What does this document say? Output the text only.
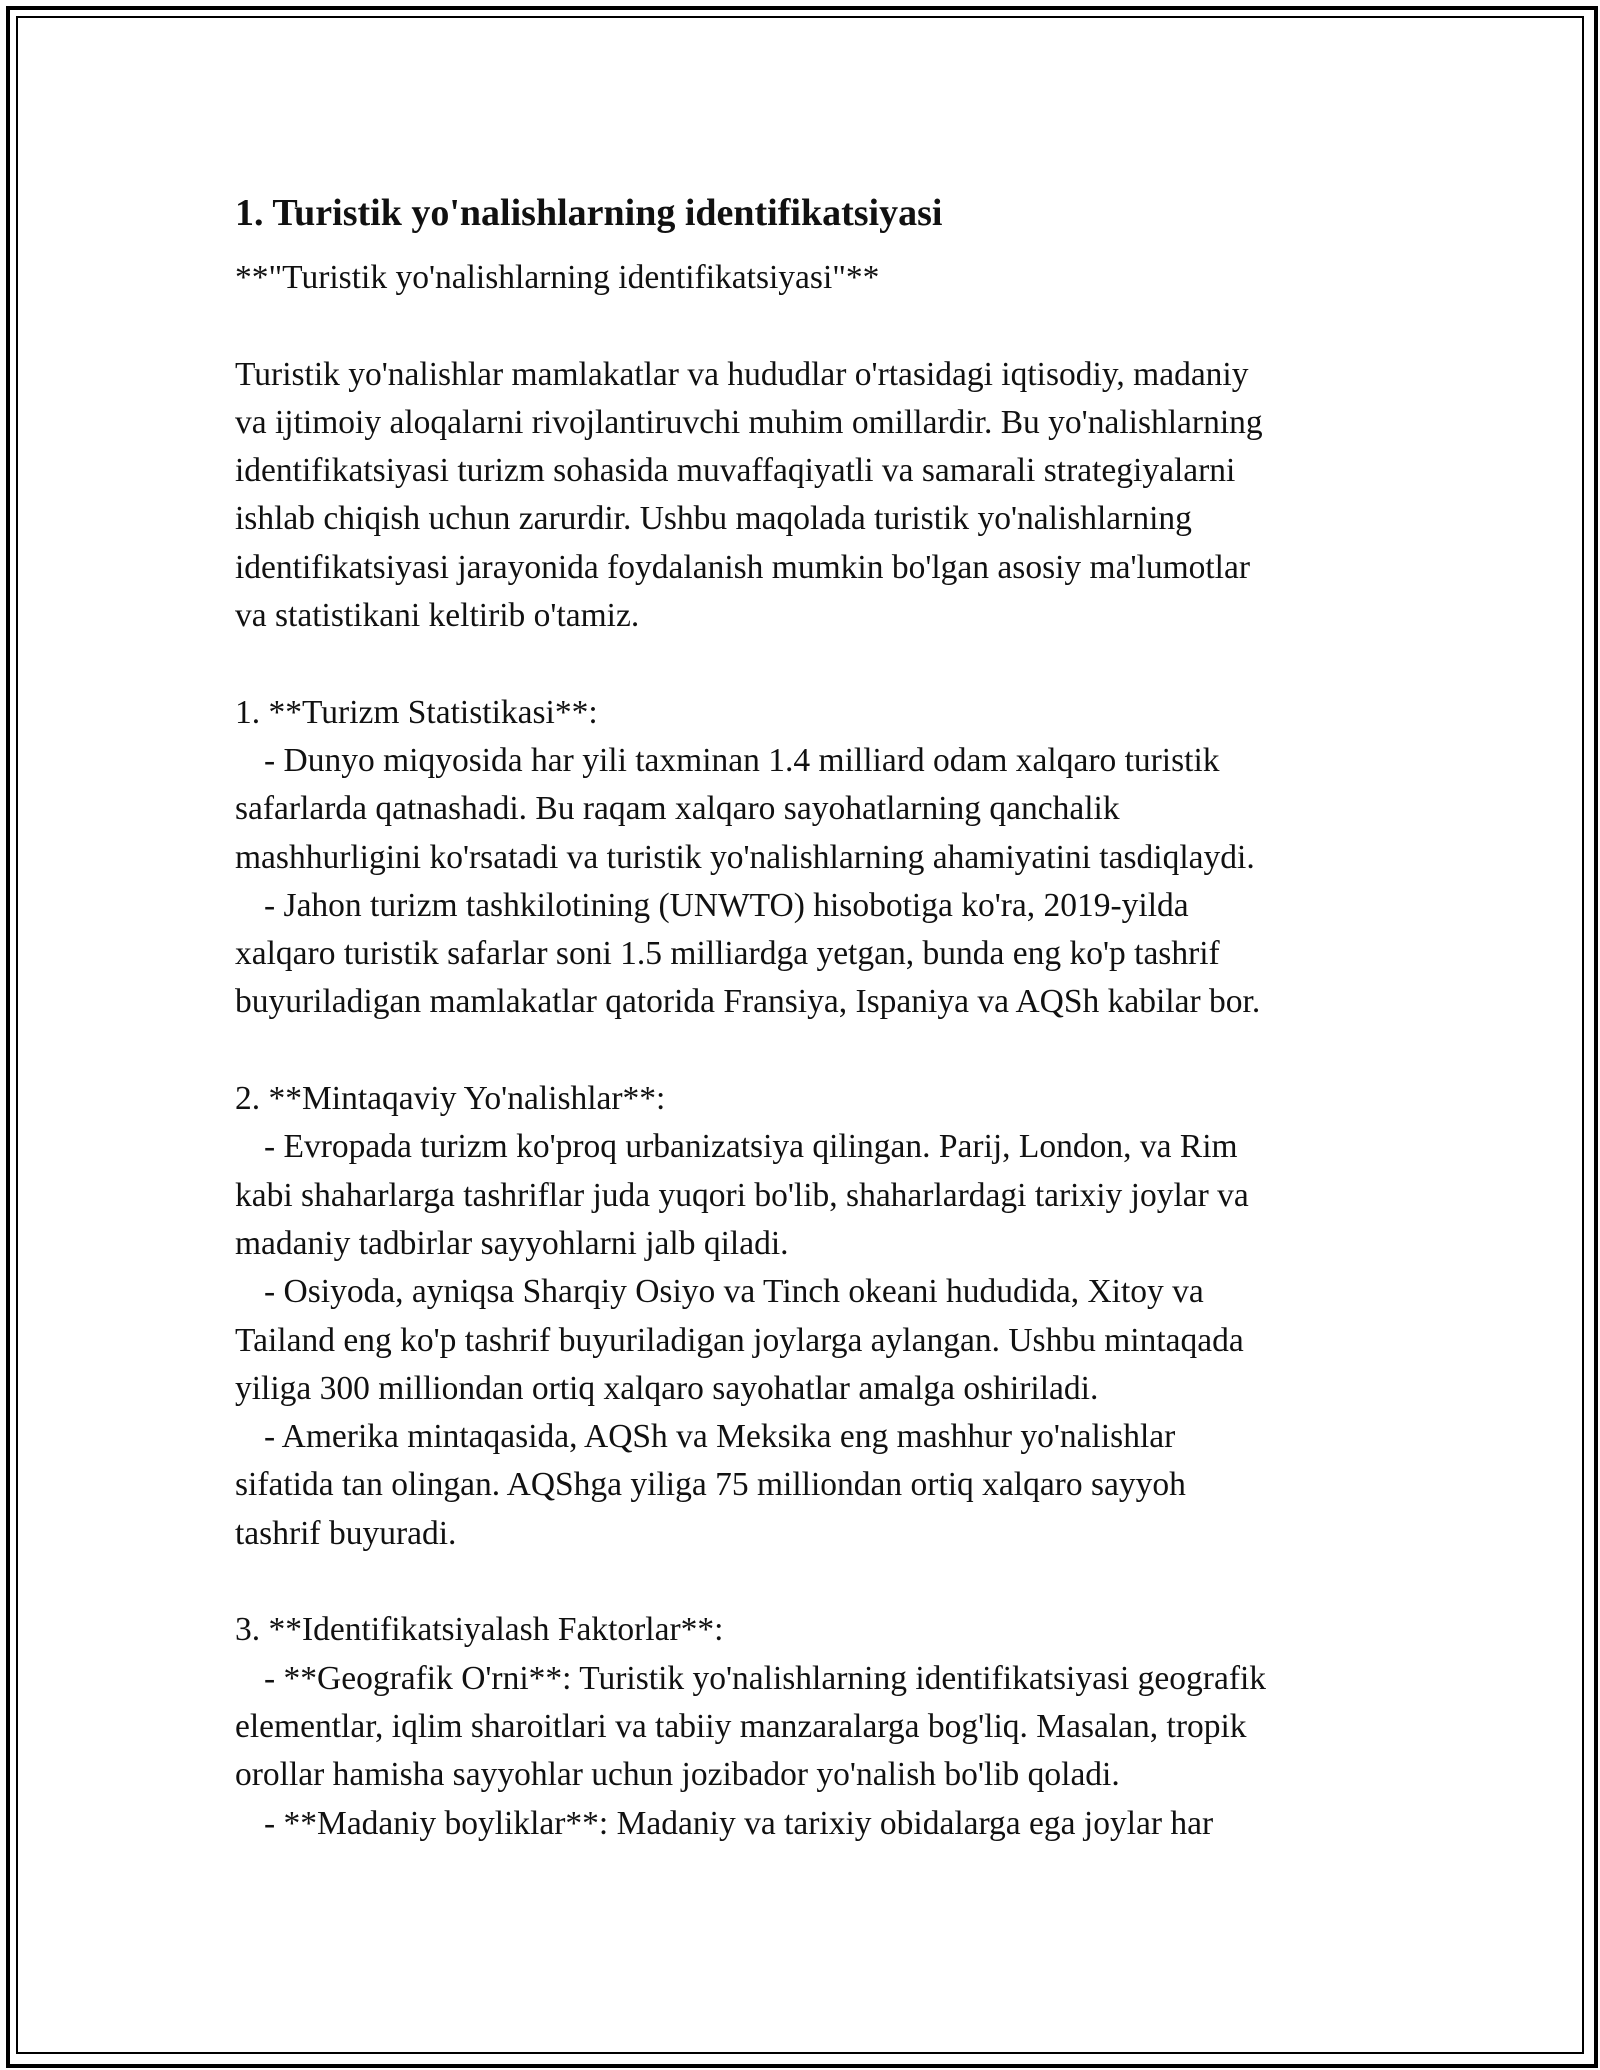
1. Turistik yo'nalishlarning identifikatsiyasi

**"Turistik yo'nalishlarning identifikatsiyasi"**

Turistik yo'nalishlar mamlakatlar va hududlar o'rtasidagi iqtisodiy, madaniy
va ijtimoiy aloqalarni rivojlantiruvchi muhim omillardir. Bu yo'nalishlarning
identifikatsiyasi turizm sohasida muvaffaqiyatli va samarali strategiyalarni
ishlab chiqish uchun zarurdir. Ushbu maqolada turistik yo'nalishlarning
identifikatsiyasi jarayonida foydalanish mumkin bo'lgan asosiy ma'lumotlar
va statistikani keltirib o'tamiz.
1. **Turizm Statistikasi**:
- Dunyo miqyosida har yili taxminan 1.4 milliard odam xalqaro turistik
safarlarda qatnashadi. Bu raqam xalqaro sayohatlarning qanchalik
mashhurligini ko'rsatadi va turistik yo'nalishlarning ahamiyatini tasdiqlaydi.
- Jahon turizm tashkilotining (UNWTO) hisobotiga ko'ra, 2019-yilda
xalqaro turistik safarlar soni 1.5 milliardga yetgan, bunda eng ko'p tashrif
buyuriladigan mamlakatlar qatorida Fransiya, Ispaniya va AQSh kabilar bor.
2. **Mintaqaviy Yo'nalishlar**:
- Evropada turizm ko'proq urbanizatsiya qilingan. Parij, London, va Rim
kabi shaharlarga tashriflar juda yuqori bo'lib, shaharlardagi tarixiy joylar va
madaniy tadbirlar sayyohlarni jalb qiladi.
- Osiyoda, ayniqsa Sharqiy Osiyo va Tinch okeani hududida, Xitoy va
Tailand eng ko'p tashrif buyuriladigan joylarga aylangan. Ushbu mintaqada
yiliga 300 milliondan ortiq xalqaro sayohatlar amalga oshiriladi.
- Amerika mintaqasida, AQSh va Meksika eng mashhur yo'nalishlar
sifatida tan olingan. AQShga yiliga 75 milliondan ortiq xalqaro sayyoh
tashrif buyuradi.
3. **Identifikatsiyalash Faktorlar**:
- **Geografik O'rni**: Turistik yo'nalishlarning identifikatsiyasi geografik
elementlar, iqlim sharoitlari va tabiiy manzaralarga bog'liq. Masalan, tropik
orollar hamisha sayyohlar uchun jozibador yo'nalish bo'lib qoladi.
- **Madaniy boyliklar**: Madaniy va tarixiy obidalarga ega joylar har
